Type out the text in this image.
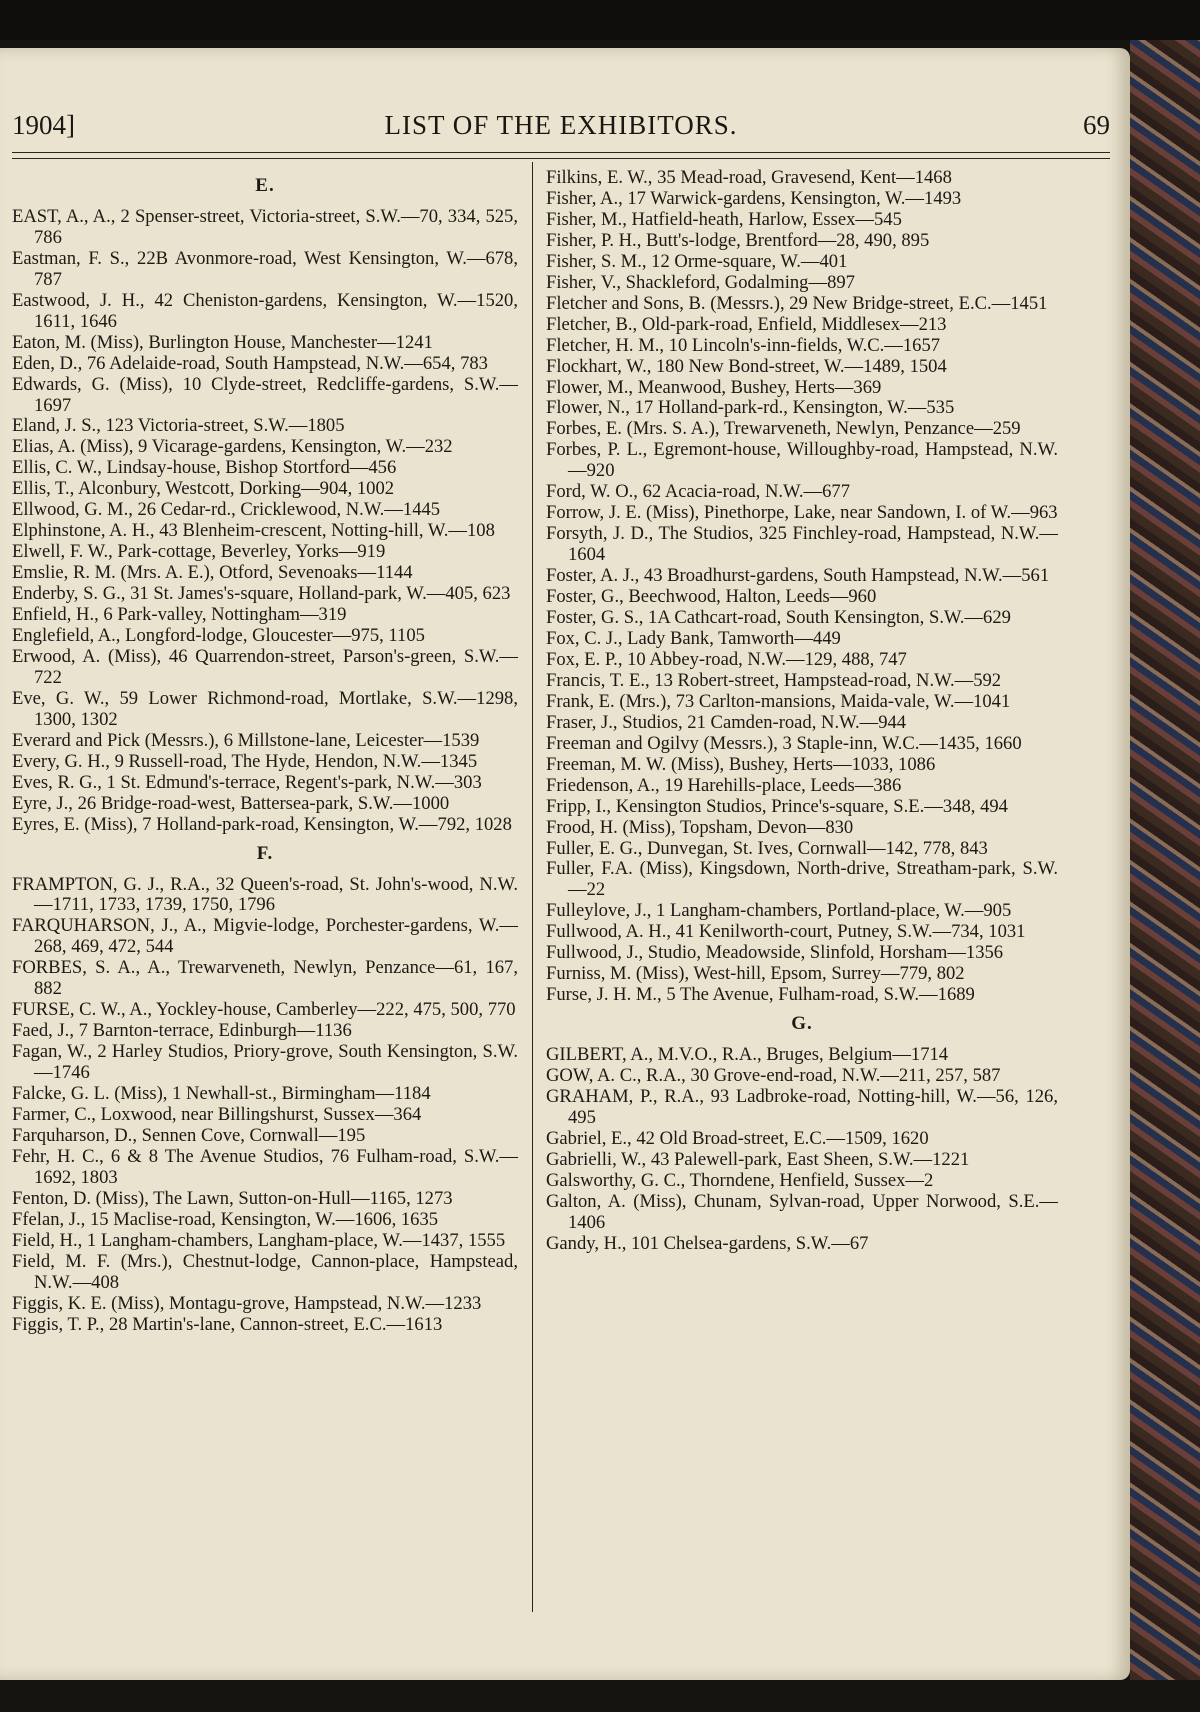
1904]	LIST OF THE EXHIBITORS.	69
E.
EAST, A., A., 2 Spenser-street, Victoria-street, S.W.—70, 334, 525, 786
Eastman, F. S., 22B Avonmore-road, West Kensington, W.—678, 787
Eastwood, J. H., 42 Cheniston-gardens, Kensington, W.—1520, 1611, 1646
Eaton, M. (Miss), Burlington House, Manchester—1241
Eden, D., 76 Adelaide-road, South Hampstead, N.W.—654, 783
Edwards, G. (Miss), 10 Clyde-street, Redcliffe-gardens, S.W.—1697
Eland, J. S., 123 Victoria-street, S.W.—1805
Elias, A. (Miss), 9 Vicarage-gardens, Kensington, W.—232
Ellis, C. W., Lindsay-house, Bishop Stortford—456
Ellis, T., Alconbury, Westcott, Dorking—904, 1002
Ellwood, G. M., 26 Cedar-rd., Cricklewood, N.W.—1445
Elphinstone, A. H., 43 Blenheim-crescent, Notting-hill, W.—108
Elwell, F. W., Park-cottage, Beverley, Yorks—919
Emslie, R. M. (Mrs. A. E.), Otford, Sevenoaks—1144
Enderby, S. G., 31 St. James's-square, Holland-park, W.—405, 623
Enfield, H., 6 Park-valley, Nottingham—319
Englefield, A., Longford-lodge, Gloucester—975, 1105
Erwood, A. (Miss), 46 Quarrendon-street, Parson's-green, S.W.—722
Eve, G. W., 59 Lower Richmond-road, Mortlake, S.W.—1298, 1300, 1302
Everard and Pick (Messrs.), 6 Millstone-lane, Leicester—1539
Every, G. H., 9 Russell-road, The Hyde, Hendon, N.W.—1345
Eves, R. G., 1 St. Edmund's-terrace, Regent's-park, N.W.—303
Eyre, J., 26 Bridge-road-west, Battersea-park, S.W.—1000
Eyres, E. (Miss), 7 Holland-park-road, Kensington, W.—792, 1028
F.
FRAMPTON, G. J., R.A., 32 Queen's-road, St. John's-wood, N.W.—1711, 1733, 1739, 1750, 1796
FARQUHARSON, J., A., Migvie-lodge, Porchester-gardens, W.—268, 469, 472, 544
FORBES, S. A., A., Trewarveneth, Newlyn, Penzance—61, 167, 882
FURSE, C. W., A., Yockley-house, Camberley—222, 475, 500, 770
Faed, J., 7 Barnton-terrace, Edinburgh—1136
Fagan, W., 2 Harley Studios, Priory-grove, South Kensington, S.W.—1746
Falcke, G. L. (Miss), 1 Newhall-st., Birmingham—1184
Farmer, C., Loxwood, near Billingshurst, Sussex—364
Farquharson, D., Sennen Cove, Cornwall—195
Fehr, H. C., 6 & 8 The Avenue Studios, 76 Fulham-road, S.W.—1692, 1803
Fenton, D. (Miss), The Lawn, Sutton-on-Hull—1165, 1273
Ffelan, J., 15 Maclise-road, Kensington, W.—1606, 1635
Field, H., 1 Langham-chambers, Langham-place, W.—1437, 1555
Field, M. F. (Mrs.), Chestnut-lodge, Cannon-place, Hampstead, N.W.—408
Figgis, K. E. (Miss), Montagu-grove, Hampstead, N.W.—1233
Figgis, T. P., 28 Martin's-lane, Cannon-street, E.C.—1613
Filkins, E. W., 35 Mead-road, Gravesend, Kent—1468
Fisher, A., 17 Warwick-gardens, Kensington, W.—1493
Fisher, M., Hatfield-heath, Harlow, Essex—545
Fisher, P. H., Butt's-lodge, Brentford—28, 490, 895
Fisher, S. M., 12 Orme-square, W.—401
Fisher, V., Shackleford, Godalming—897
Fletcher and Sons, B. (Messrs.), 29 New Bridge-street, E.C.—1451
Fletcher, B., Old-park-road, Enfield, Middlesex—213
Fletcher, H. M., 10 Lincoln's-inn-fields, W.C.—1657
Flockhart, W., 180 New Bond-street, W.—1489, 1504
Flower, M., Meanwood, Bushey, Herts—369
Flower, N., 17 Holland-park-rd., Kensington, W.—535
Forbes, E. (Mrs. S. A.), Trewarveneth, Newlyn, Penzance—259
Forbes, P. L., Egremont-house, Willoughby-road, Hampstead, N.W.—920
Ford, W. O., 62 Acacia-road, N.W.—677
Forrow, J. E. (Miss), Pinethorpe, Lake, near Sandown, I. of W.—963
Forsyth, J. D., The Studios, 325 Finchley-road, Hampstead, N.W.—1604
Foster, A. J., 43 Broadhurst-gardens, South Hampstead, N.W.—561
Foster, G., Beechwood, Halton, Leeds—960
Foster, G. S., 1A Cathcart-road, South Kensington, S.W.—629
Fox, C. J., Lady Bank, Tamworth—449
Fox, E. P., 10 Abbey-road, N.W.—129, 488, 747
Francis, T. E., 13 Robert-street, Hampstead-road, N.W.—592
Frank, E. (Mrs.), 73 Carlton-mansions, Maida-vale, W.—1041
Fraser, J., Studios, 21 Camden-road, N.W.—944
Freeman and Ogilvy (Messrs.), 3 Staple-inn, W.C.—1435, 1660
Freeman, M. W. (Miss), Bushey, Herts—1033, 1086
Friedenson, A., 19 Harehills-place, Leeds—386
Fripp, I., Kensington Studios, Prince's-square, S.E.—348, 494
Frood, H. (Miss), Topsham, Devon—830
Fuller, E. G., Dunvegan, St. Ives, Cornwall—142, 778, 843
Fuller, F.A. (Miss), Kingsdown, North-drive, Streatham-park, S.W.—22
Fulleylove, J., 1 Langham-chambers, Portland-place, W.—905
Fullwood, A. H., 41 Kenilworth-court, Putney, S.W.—734, 1031
Fullwood, J., Studio, Meadowside, Slinfold, Horsham—1356
Furniss, M. (Miss), West-hill, Epsom, Surrey—779, 802
Furse, J. H. M., 5 The Avenue, Fulham-road, S.W.—1689
G.
GILBERT, A., M.V.O., R.A., Bruges, Belgium—1714
GOW, A. C., R.A., 30 Grove-end-road, N.W.—211, 257, 587
GRAHAM, P., R.A., 93 Ladbroke-road, Notting-hill, W.—56, 126, 495
Gabriel, E., 42 Old Broad-street, E.C.—1509, 1620
Gabrielli, W., 43 Palewell-park, East Sheen, S.W.—1221
Galsworthy, G. C., Thorndene, Henfield, Sussex—2
Galton, A. (Miss), Chunam, Sylvan-road, Upper Norwood, S.E.—1406
Gandy, H., 101 Chelsea-gardens, S.W.—67
